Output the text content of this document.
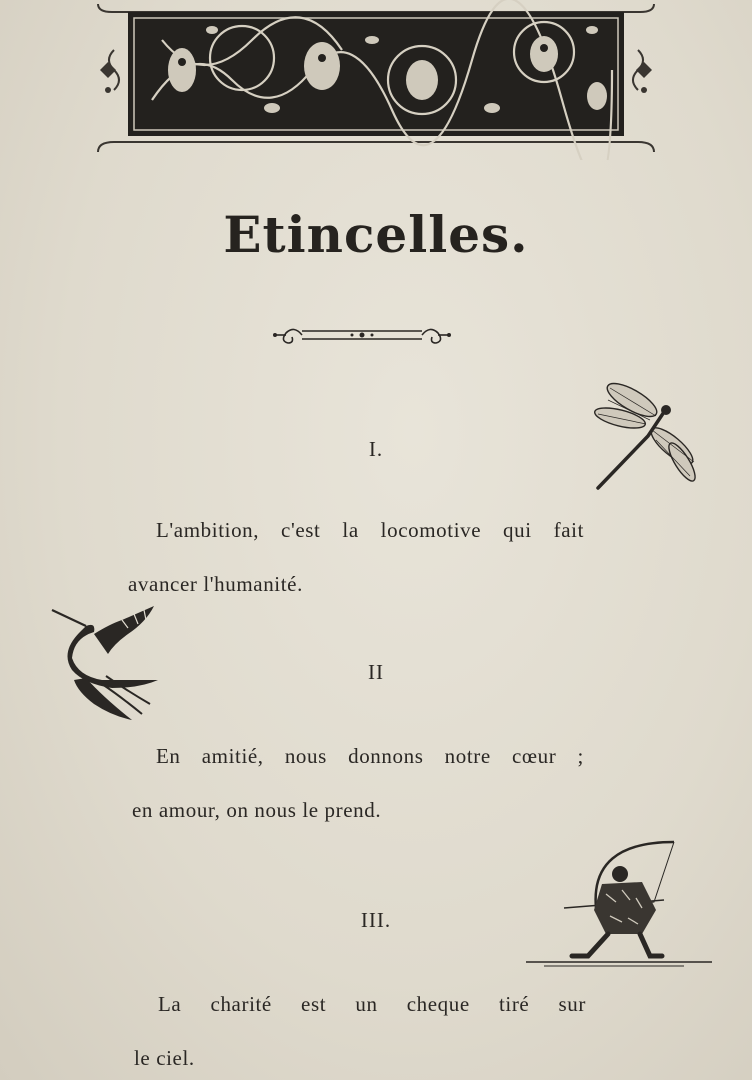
Etincelles.
I.
L'ambition, c'est la locomotive qui fait
avancer l'humanité.
II
En amitié, nous donnons notre cœur ;
en amour, on nous le prend.
III.
La charité est un cheque tiré sur
le ciel.
